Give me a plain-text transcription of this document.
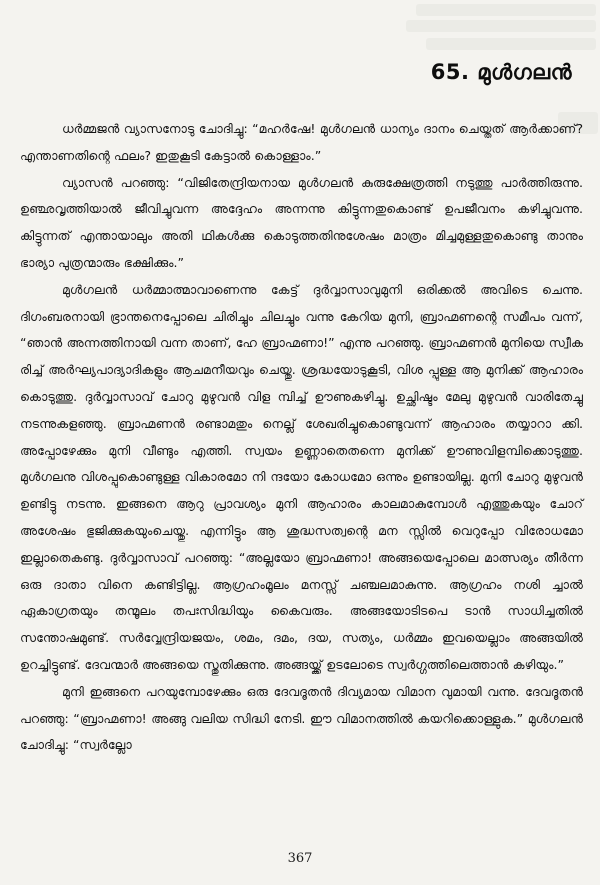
65. മുൾഗലൻ

ധർമ്മജൻ വ്യാസനോടു ചോദിച്ചു: “മഹർഷേ! മുൾഗലൻ ധാന്യം ദാനം ചെയ്തത് ആർക്കാണ്? എന്താണതിന്റെ ഫലം? ഇതുകൂടി കേട്ടാൽ കൊള്ളാം.”

വ്യാസൻ പറഞ്ഞു: “വിജിതേന്ദ്രിയനായ മുൾഗലൻ കുരുക്ഷേത്രത്തി നടുത്തു പാർത്തിരുന്നു. ഉഞ്ഛവൃത്തിയാൽ ജീവിച്ചുവന്ന അദ്ദേഹം അന്നന്നു കിട്ടുന്നതുകൊണ്ട് ഉപജീവനം കഴിച്ചുവന്നു. കിട്ടുന്നത് എന്തായാലും അതി ഥികൾക്കു കൊടുത്തതിനുശേഷം മാത്രം മിച്ചമുള്ളതുകൊണ്ടു താനും ഭാര്യാ പുത്രന്മാരും ഭക്ഷിക്കും.”

മുൾഗലൻ ധർമ്മാത്മാവാണെന്നു കേട്ട് ദുർവ്വാസാവുമുനി ഒരിക്കൽ അവിടെ ചെന്നു. ദിഗംബരനായി ഭ്രാന്തനെപ്പോലെ ചിരിച്ചും ചിലച്ചും വന്നു കേറിയ മുനി, ബ്രാഹ്മണന്റെ സമീപം വന്ന്, “ഞാൻ അന്നത്തിനായി വന്ന താണ്, ഹേ ബ്രാഹ്മണാ!” എന്നു പറഞ്ഞു. ബ്രാഹ്മണൻ മുനിയെ സ്വീക രിച്ച് അർഘ്യപാദ്യാദികളും ആചമനീയവും ചെയ്തു. ശ്രദ്ധയോടുകൂടി, വിശ പ്പുള്ള ആ മുനിക്ക് ആഹാരം കൊടുത്തു. ദുർവ്വാസാവ് ചോറു മുഴുവൻ വിള മ്പിച്ച് ഊണുകഴിച്ചു. ഉച്ഛിഷ്ടം മേലു മുഴുവൻ വാരിതേച്ചു നടന്നുകളഞ്ഞു. ബ്രാഹ്മണൻ രണ്ടാമതും നെല്ല് ശേഖരിച്ചുകൊണ്ടുവന്ന് ആഹാരം തയ്യാറാ ക്കി. അപ്പോഴേക്കും മുനി വീണ്ടും എത്തി. സ്വയം ഉണ്ണാതെതന്നെ മുനിക്ക് ഊണുവിളമ്പിക്കൊടുത്തു. മുൾഗലനു വിശപ്പുകൊണ്ടുള്ള വികാരമോ നി ന്ദയോ കോധമോ ഒന്നും ഉണ്ടായില്ല. മുനി ചോറു മുഴുവൻ ഉണ്ടിട്ടു നടന്നു. ഇങ്ങനെ ആറു പ്രാവശ്യം മുനി ആഹാരം കാലമാകുമ്പോൾ എത്തുകയും ചോറ് അശേഷം ഭുജിക്കുകയുംചെയ്തു. എന്നിട്ടും ആ ശുദ്ധസത്വന്റെ മന സ്സിൽ വെറുപ്പോ വിരോധമോ ഇല്ലാതെകണ്ടു. ദുർവ്വാസാവ് പറഞ്ഞു: “അല്ലയോ ബ്രാഹ്മണാ! അങ്ങയെപ്പോലെ മാത്സര്യം തീർന്ന ഒരു ദാതാ വിനെ കണ്ടിട്ടില്ല. ആഗ്രഹംമൂലം മനസ്സ് ചഞ്ചലമാകുന്നു. ആഗ്രഹം നശി ച്ചാൽ ഏകാഗ്രതയും തന്മൂലം തപഃസിദ്ധിയും കൈവരും. അങ്ങയോടിടപെ ടാൻ സാധിച്ചതിൽ സന്തോഷമുണ്ട്. സർവ്വേന്ദ്രിയജയം, ശമം, ദമം, ദയ, സത്യം, ധർമ്മം ഇവയെല്ലാം അങ്ങയിൽ ഉറച്ചിട്ടുണ്ട്. ദേവന്മാർ അങ്ങയെ സ്തുതിക്കുന്നു. അങ്ങയ്ക്ക് ഉടലോടെ സ്വർഗ്ഗത്തിലെത്താൻ കഴിയും.”

മുനി ഇങ്ങനെ പറയുമ്പോഴേക്കും ഒരു ദേവദൂതൻ ദിവ്യമായ വിമാന വുമായി വന്നു. ദേവദൂതൻ പറഞ്ഞു: “ബ്രാഹ്മണാ! അങ്ങു വലിയ സിദ്ധി നേടി. ഈ വിമാനത്തിൽ കയറിക്കൊള്ളുക.” മുൾഗലൻ ചോദിച്ചു: “സ്വർല്ലോ

367
